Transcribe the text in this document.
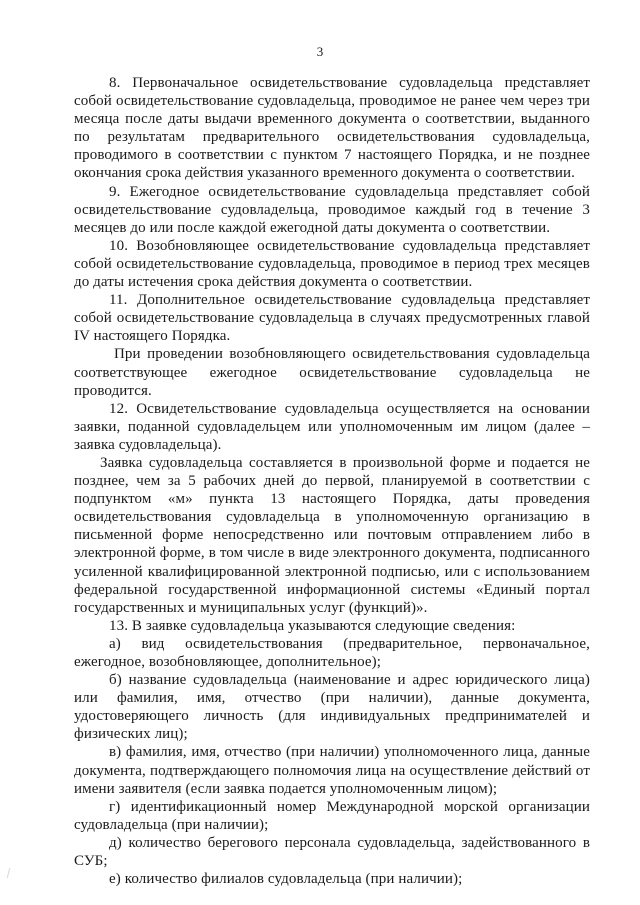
3

8. Первоначальное освидетельствование судовладельца представляет собой освидетельствование судовладельца, проводимое не ранее чем через три месяца после даты выдачи временного документа о соответствии, выданного по результатам предварительного освидетельствования судовладельца, проводимого в соответствии с пунктом 7 настоящего Порядка, и не позднее окончания срока действия указанного временного документа о соответствии.

9. Ежегодное освидетельствование судовладельца представляет собой освидетельствование судовладельца, проводимое каждый год в течение 3 месяцев до или после каждой ежегодной даты документа о соответствии.

10. Возобновляющее освидетельствование судовладельца представляет собой освидетельствование судовладельца, проводимое в период трех месяцев до даты истечения срока действия документа о соответствии.

11. Дополнительное освидетельствование судовладельца представляет собой освидетельствование судовладельца в случаях предусмотренных главой IV настоящего Порядка.

При проведении возобновляющего освидетельствования судовладельца соответствующее ежегодное освидетельствование судовладельца не проводится.

12. Освидетельствование судовладельца осуществляется на основании заявки, поданной судовладельцем или уполномоченным им лицом (далее – заявка судовладельца).

Заявка судовладельца составляется в произвольной форме и подается не позднее, чем за 5 рабочих дней до первой, планируемой в соответствии с подпунктом «м» пункта 13 настоящего Порядка, даты проведения освидетельствования судовладельца в уполномоченную организацию в письменной форме непосредственно или почтовым отправлением либо в электронной форме, в том числе в виде электронного документа, подписанного усиленной квалифицированной электронной подписью, или с использованием федеральной государственной информационной системы «Единый портал государственных и муниципальных услуг (функций)».

13. В заявке судовладельца указываются следующие сведения:

а) вид освидетельствования (предварительное, первоначальное, ежегодное, возобновляющее, дополнительное);

б) название судовладельца (наименование и адрес юридического лица) или фамилия, имя, отчество (при наличии), данные документа, удостоверяющего личность (для индивидуальных предпринимателей и физических лиц);

в) фамилия, имя, отчество (при наличии) уполномоченного лица, данные документа, подтверждающего полномочия лица на осуществление действий от имени заявителя (если заявка подается уполномоченным лицом);

г) идентификационный номер Международной морской организации судовладельца (при наличии);

д) количество берегового персонала судовладельца, задействованного в СУБ;

е) количество филиалов судовладельца (при наличии);
